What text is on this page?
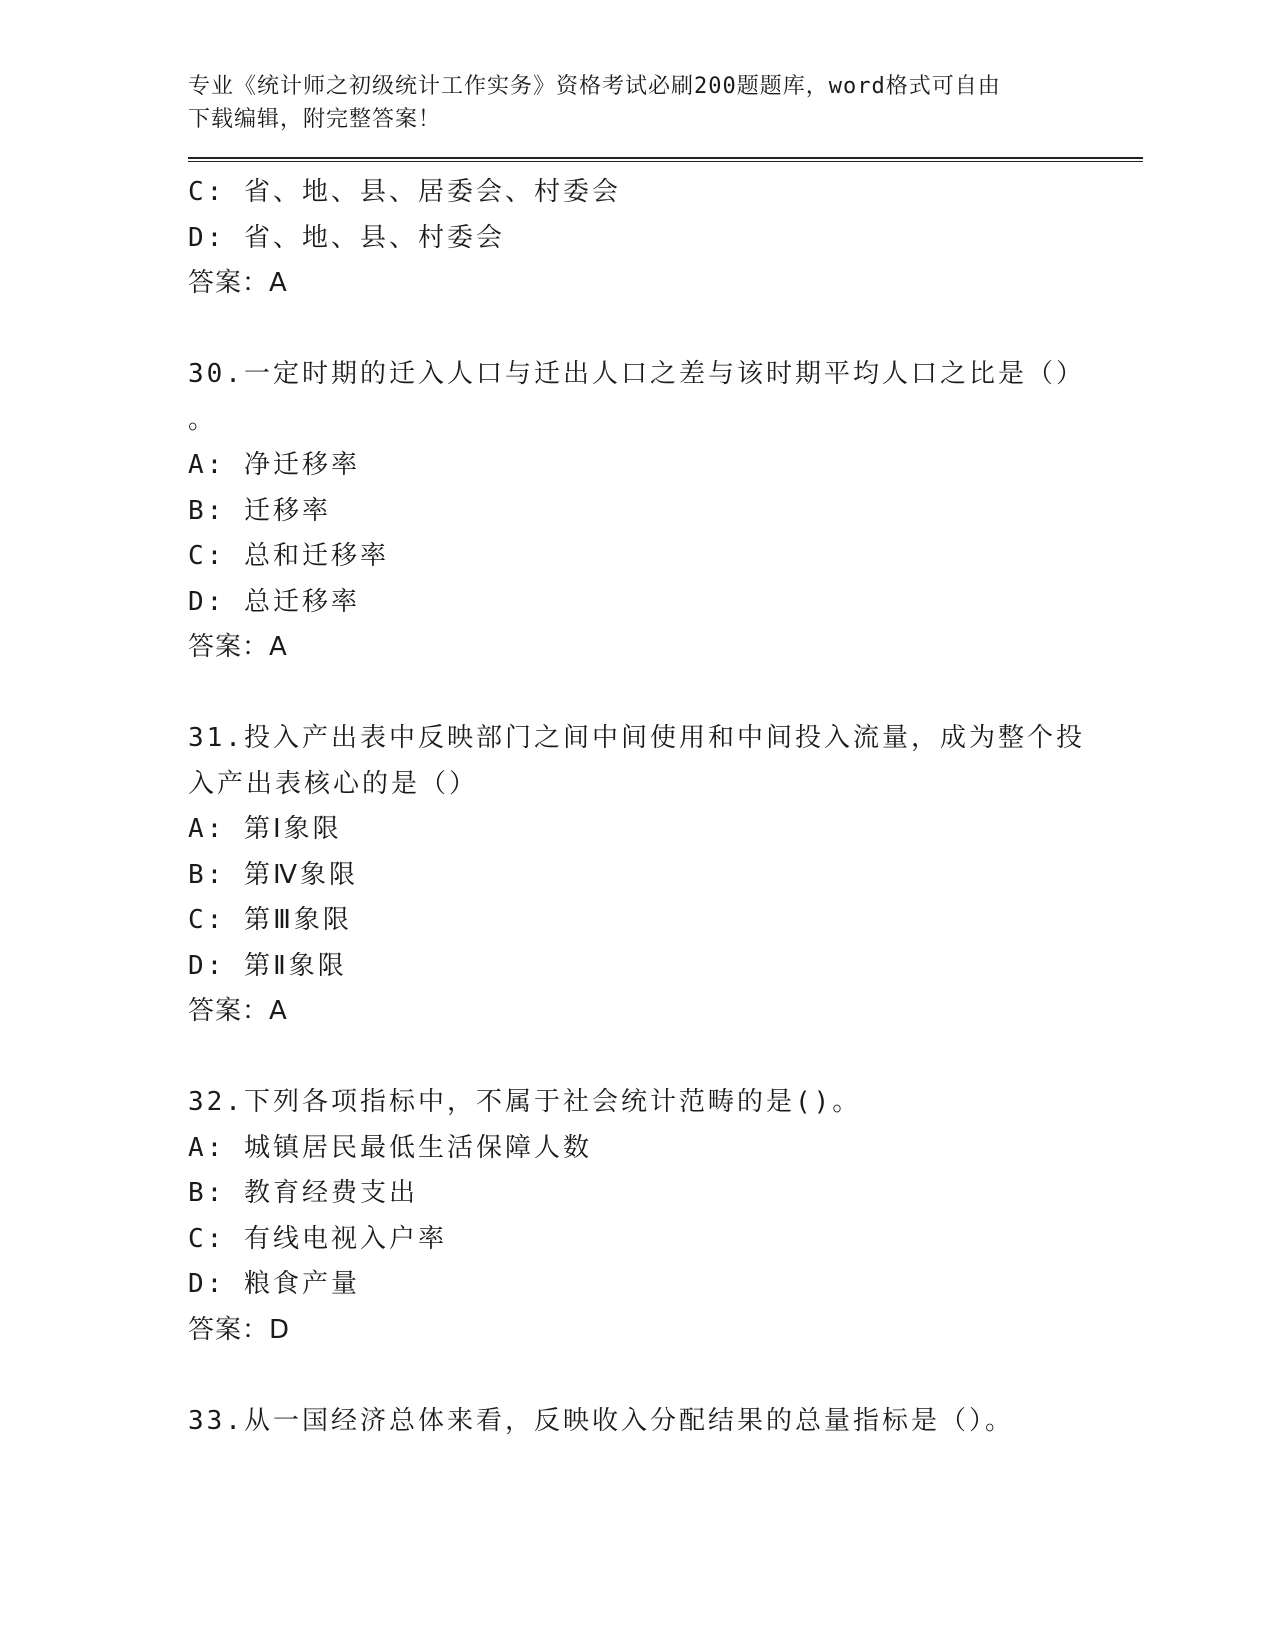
专业《统计师之初级统计工作实务》资格考试必刷200题题库，word格式可自由

下载编辑，附完整答案！

C: 省、地、县、居委会、村委会
D: 省、地、县、村委会
答案：A
30.一定时期的迁入人口与迁出人口之差与该时期平均人口之比是（）
。
A: 净迁移率
B: 迁移率
C: 总和迁移率
D: 总迁移率
答案：A
31.投入产出表中反映部门之间中间使用和中间投入流量，成为整个投
入产出表核心的是（）
A: 第Ⅰ象限
B: 第Ⅳ象限
C: 第Ⅲ象限
D: 第Ⅱ象限
答案：A
32.下列各项指标中，不属于社会统计范畴的是()。
A: 城镇居民最低生活保障人数
B: 教育经费支出
C: 有线电视入户率
D: 粮食产量
答案：D
33.从一国经济总体来看，反映收入分配结果的总量指标是（）。
